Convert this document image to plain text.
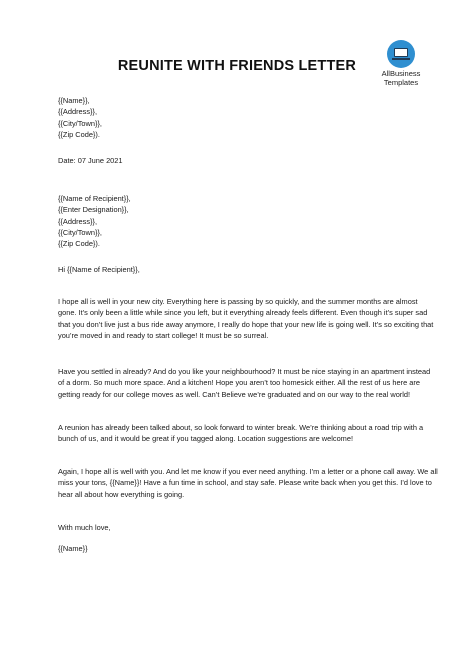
REUNITE WITH FRIENDS LETTER	AllBusiness
Templates
{{Name}},
{{Address}},
{{City/Town}},
{{Zip Code}).
Date: 07 June 2021
{{Name of Recipient}},
{{Enter Designation}},
{{Address}},
{{City/Town}},
{{Zip Code}).
Hi {{Name of Recipient}},
I hope all is well in your new city. Everything here is passing by so quickly, and the summer months are almost gone. It’s only been a little while since you left, but it everything already feels different. Even though it’s super sad that you don’t live just a bus ride away anymore, I really do hope that your new life is going well. It’s so exciting that you’re moved in and ready to start college! It must be so surreal.
Have you settled in already? And do you like your neighbourhood? It must be nice staying in an apartment instead of a dorm. So much more space. And a kitchen! Hope you aren’t too homesick either. All the rest of us here are getting ready for our college moves as well. Can’t Believe we’re graduated and on our way to the real world!
A reunion has already been talked about, so look forward to winter break. We’re thinking about a road trip with a bunch of us, and it would be great if you tagged along. Location suggestions are welcome!
Again, I hope all is well with you. And let me know if you ever need anything. I’m a letter or a phone call away. We all miss your tons, {{Name}}! Have a fun time in school, and stay safe. Please write back when you get this. I’d love to hear all about how everything is going.
With much love,
{{Name}}
